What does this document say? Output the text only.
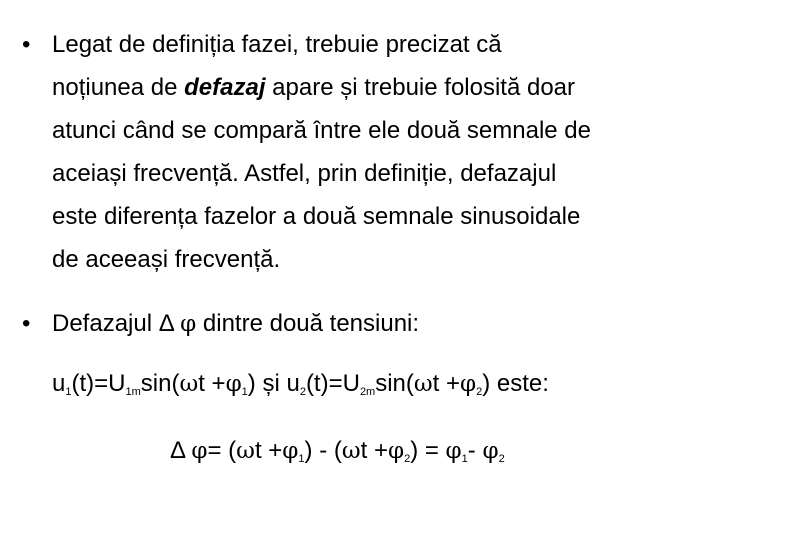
• Legat de definiția fazei, trebuie precizat că
noțiunea de defazaj apare și trebuie folosită doar
atunci când se compară între ele două semnale de
aceiași frecvență. Astfel, prin definiție, defazajul
este diferența fazelor a două semnale sinusoidale
de aceeași frecvență.
• Defazajul Δ φ dintre două tensiuni:
$u_1(t)=U_{1m}\sin(\omega t +\varphi_1)$ și $u_2(t)=U_{2m}\sin(\omega t +\varphi_2)$ este:
Δ $\varphi= (\omega t +\varphi_1) - (\omega t +\varphi_2) = \varphi_1-$ $\varphi_2$
